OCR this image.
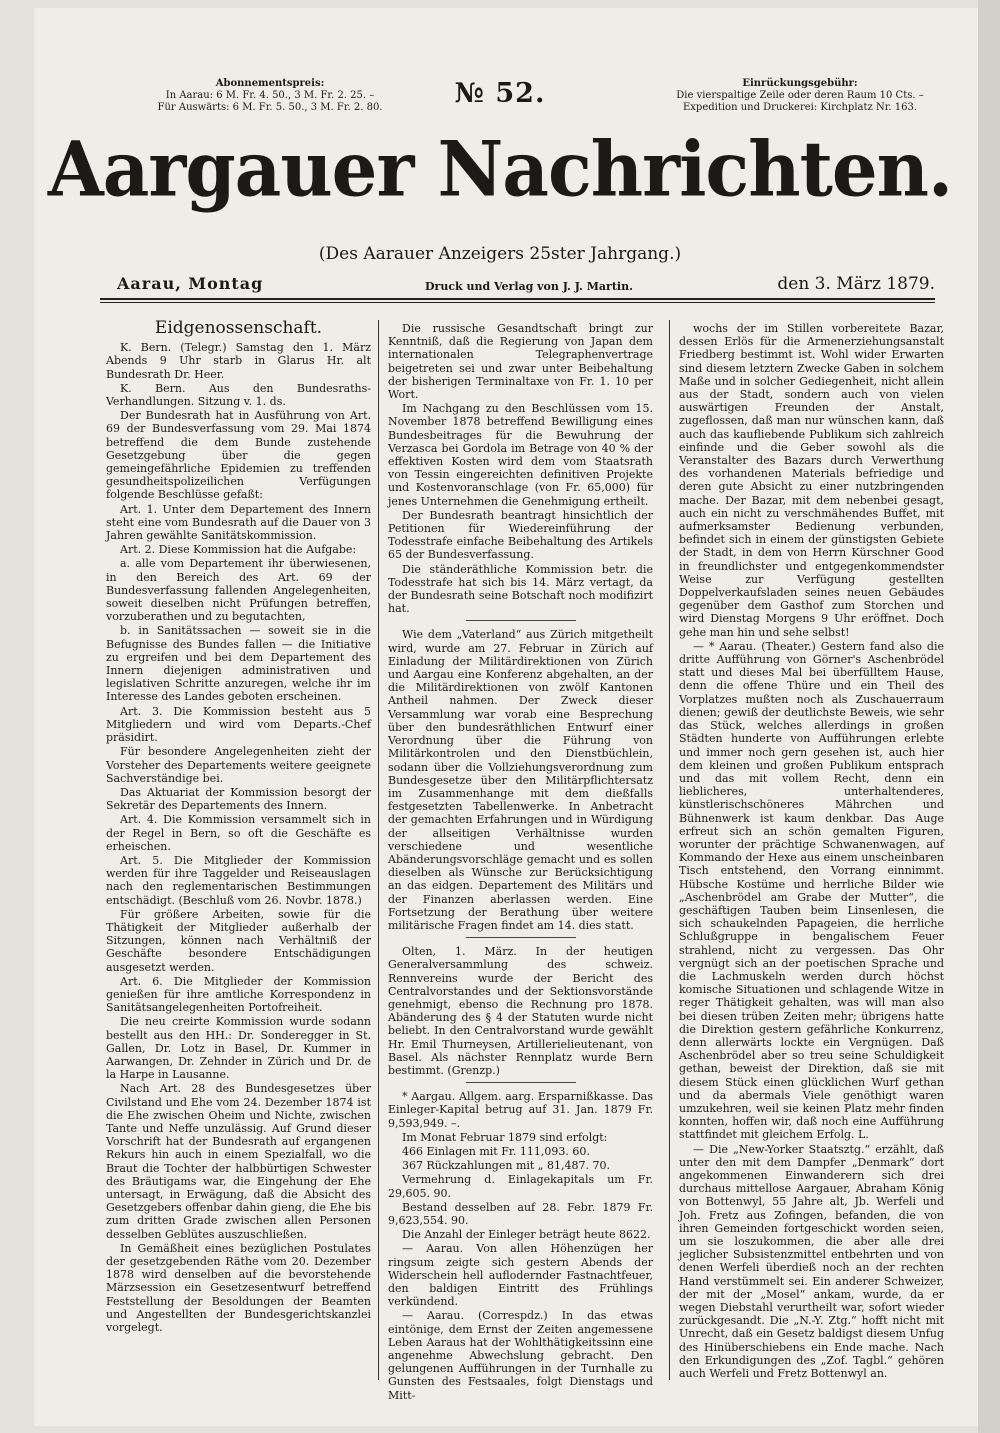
Abonnementspreis:
In Aarau: 6 M. Fr. 4. 50., 3 M. Fr. 2. 25. –
Für Auswärts: 6 M. Fr. 5. 50., 3 M. Fr. 2. 80.	№ 52.	Einrückungsgebühr:
Die vierspaltige Zeile oder deren Raum 10 Cts. –
Expedition und Druckerei: Kirchplatz Nr. 163.
Aargauer Nachrichten.
(Des Aarauer Anzeigers 25ster Jahrgang.)
Aarau, Montag	Druck und Verlag von J. J. Martin.	den 3. März 1879.
Eidgenossenschaft.

K. Bern. (Telegr.) Samstag den 1. März Abends 9 Uhr starb in Glarus Hr. alt Bundesrath Dr. Heer.

K. Bern. Aus den Bundesraths-Verhandlungen. Sitzung v. 1. ds.

Der Bundesrath hat in Ausführung von Art. 69 der Bundesverfassung vom 29. Mai 1874 betreffend die dem Bunde zustehende Gesetzgebung über die gegen gemeingefährliche Epidemien zu treffenden gesundheitspolizeilichen Verfügungen folgende Beschlüsse gefaßt:

Art. 1. Unter dem Departement des Innern steht eine vom Bundesrath auf die Dauer von 3 Jahren gewählte Sanitätskommission.

Art. 2. Diese Kommission hat die Aufgabe:

a. alle vom Departement ihr überwiesenen, in den Bereich des Art. 69 der Bundesverfassung fallenden Angelegenheiten, soweit dieselben nicht Prüfungen betreffen, vorzuberathen und zu begutachten,

b. in Sanitätssachen — soweit sie in die Befugnisse des Bundes fallen — die Initiative zu ergreifen und bei dem Departement des Innern diejenigen administrativen und legislativen Schritte anzuregen, welche ihr im Interesse des Landes geboten erscheinen.

Art. 3. Die Kommission besteht aus 5 Mitgliedern und wird vom Departs.-Chef präsidirt.

Für besondere Angelegenheiten zieht der Vorsteher des Departements weitere geeignete Sachverständige bei.

Das Aktuariat der Kommission besorgt der Sekretär des Departements des Innern.

Art. 4. Die Kommission versammelt sich in der Regel in Bern, so oft die Geschäfte es erheischen.

Art. 5. Die Mitglieder der Kommission werden für ihre Taggelder und Reiseauslagen nach den reglementarischen Bestimmungen entschädigt. (Beschluß vom 26. Novbr. 1878.)

Für größere Arbeiten, sowie für die Thätigkeit der Mitglieder außerhalb der Sitzungen, können nach Verhältniß der Geschäfte besondere Entschädigungen ausgesetzt werden.

Art. 6. Die Mitglieder der Kommission genießen für ihre amtliche Korrespondenz in Sanitätsangelegenheiten Portofreiheit.

Die neu creirte Kommission wurde sodann bestellt aus den HH.: Dr. Sonderegger in St. Gallen, Dr. Lotz in Basel, Dr. Kummer in Aarwangen, Dr. Zehnder in Zürich und Dr. de la Harpe in Lausanne.

Nach Art. 28 des Bundesgesetzes über Civilstand und Ehe vom 24. Dezember 1874 ist die Ehe zwischen Oheim und Nichte, zwischen Tante und Neffe unzulässig. Auf Grund dieser Vorschrift hat der Bundesrath auf ergangenen Rekurs hin auch in einem Spezialfall, wo die Braut die Tochter der halbbürtigen Schwester des Bräutigams war, die Eingehung der Ehe untersagt, in Erwägung, daß die Absicht des Gesetzgebers offenbar dahin gieng, die Ehe bis zum dritten Grade zwischen allen Personen desselben Geblütes auszuschließen.

In Gemäßheit eines bezüglichen Postulates der gesetzgebenden Räthe vom 20. Dezember 1878 wird denselben auf die bevorstehende Märzsession ein Gesetzesentwurf betreffend Feststellung der Besoldungen der Beamten und Angestellten der Bundesgerichtskanzlei vorgelegt.

Die russische Gesandtschaft bringt zur Kenntniß, daß die Regierung von Japan dem internationalen Telegraphenvertrage beigetreten sei und zwar unter Beibehaltung der bisherigen Terminaltaxe von Fr. 1. 10 per Wort.

Im Nachgang zu den Beschlüssen vom 15. November 1878 betreffend Bewilligung eines Bundesbeitrages für die Bewuhrung der Verzasca bei Gordola im Betrage von 40 % der effektiven Kosten wird dem vom Staatsrath von Tessin eingereichten definitiven Projekte und Kostenvoranschlage (von Fr. 65,000) für jenes Unternehmen die Genehmigung ertheilt.

Der Bundesrath beantragt hinsichtlich der Petitionen für Wiedereinführung der Todesstrafe einfache Beibehaltung des Artikels 65 der Bundesverfassung.

Die ständeräthliche Kommission betr. die Todesstrafe hat sich bis 14. März vertagt, da der Bundesrath seine Botschaft noch modifizirt hat.

Wie dem „Vaterland“ aus Zürich mitgetheilt wird, wurde am 27. Februar in Zürich auf Einladung der Militärdirektionen von Zürich und Aargau eine Konferenz abgehalten, an der die Militärdirektionen von zwölf Kantonen Antheil nahmen. Der Zweck dieser Versammlung war vorab eine Besprechung über den bundesräthlichen Entwurf einer Verordnung über die Führung von Militärkontrolen und den Dienstbüchlein, sodann über die Vollziehungsverordnung zum Bundesgesetze über den Militärpflichtersatz im Zusammenhange mit dem dießfalls festgesetzten Tabellenwerke. In Anbetracht der gemachten Erfahrungen und in Würdigung der allseitigen Verhältnisse wurden verschiedene und wesentliche Abänderungsvorschläge gemacht und es sollen dieselben als Wünsche zur Berücksichtigung an das eidgen. Departement des Militärs und der Finanzen aberlassen werden. Eine Fortsetzung der Berathung über weitere militärische Fragen findet am 14. dies statt.

Olten, 1. März. In der heutigen Generalversammlung des schweiz. Rennvereins wurde der Bericht des Centralvorstandes und der Sektionsvorstände genehmigt, ebenso die Rechnung pro 1878. Abänderung des § 4 der Statuten wurde nicht beliebt. In den Centralvorstand wurde gewählt Hr. Emil Thurneysen, Artillerielieutenant, von Basel. Als nächster Rennplatz wurde Bern bestimmt. (Grenzp.)

* Aargau. Allgem. aarg. Ersparnißkasse. Das Einleger-Kapital betrug auf 31. Jan. 1879 Fr. 9,593,949. –.

Im Monat Februar 1879 sind erfolgt:

466 Einlagen mit Fr. 111,093. 60.

367 Rückzahlungen mit „ 81,487. 70.

Vermehrung d. Einlagekapitals um Fr. 29,605. 90.

Bestand desselben auf 28. Febr. 1879 Fr. 9,623,554. 90.

Die Anzahl der Einleger beträgt heute 8622.

— Aarau. Von allen Höhenzügen her ringsum zeigte sich gestern Abends der Widerschein hell auflodernder Fastnachtfeuer, den baldigen Eintritt des Frühlings verkündend.

— Aarau. (Correspdz.) In das etwas eintönige, dem Ernst der Zeiten angemessene Leben Aaraus hat der Wohlthätigkeitssinn eine angenehme Abwechslung gebracht. Den gelungenen Aufführungen in der Turnhalle zu Gunsten des Festsaales, folgt Dienstags und Mitt-

wochs der im Stillen vorbereitete Bazar, dessen Erlös für die Armenerziehungsanstalt Friedberg bestimmt ist. Wohl wider Erwarten sind diesem letztern Zwecke Gaben in solchem Maße und in solcher Gediegenheit, nicht allein aus der Stadt, sondern auch von vielen auswärtigen Freunden der Anstalt, zugeflossen, daß man nur wünschen kann, daß auch das kaufliebende Publikum sich zahlreich einfinde und die Geber sowohl als die Veranstalter des Bazars durch Verwerthung des vorhandenen Materials befriedige und deren gute Absicht zu einer nutzbringenden mache. Der Bazar, mit dem nebenbei gesagt, auch ein nicht zu verschmähendes Buffet, mit aufmerksamster Bedienung verbunden, befindet sich in einem der günstigsten Gebiete der Stadt, in dem von Herrn Kürschner Good in freundlichster und entgegenkommendster Weise zur Verfügung gestellten Doppelverkaufsladen seines neuen Gebäudes gegenüber dem Gasthof zum Storchen und wird Dienstag Morgens 9 Uhr eröffnet. Doch gehe man hin und sehe selbst!

— * Aarau. (Theater.) Gestern fand also die dritte Aufführung von Görner's Aschenbrödel statt und dieses Mal bei überfülltem Hause, denn die offene Thüre und ein Theil des Vorplatzes mußten noch als Zuschauerraum dienen; gewiß der deutlichste Beweis, wie sehr das Stück, welches allerdings in großen Städten hunderte von Aufführungen erlebte und immer noch gern gesehen ist, auch hier dem kleinen und großen Publikum entsprach und das mit vollem Recht, denn ein lieblicheres, unterhaltenderes, künstlerischschöneres Mährchen und Bühnenwerk ist kaum denkbar. Das Auge erfreut sich an schön gemalten Figuren, worunter der prächtige Schwanenwagen, auf Kommando der Hexe aus einem unscheinbaren Tisch entstehend, den Vorrang einnimmt. Hübsche Kostüme und herrliche Bilder wie „Aschenbrödel am Grabe der Mutter“, die geschäftigen Tauben beim Linsenlesen, die sich schaukelnden Papageien, die herrliche Schlußgruppe in bengalischem Feuer strahlend, nicht zu vergessen. Das Ohr vergnügt sich an der poetischen Sprache und die Lachmuskeln werden durch höchst komische Situationen und schlagende Witze in reger Thätigkeit gehalten, was will man also bei diesen trüben Zeiten mehr; übrigens hatte die Direktion gestern gefährliche Konkurrenz, denn allerwärts lockte ein Vergnügen. Daß Aschenbrödel aber so treu seine Schuldigkeit gethan, beweist der Direktion, daß sie mit diesem Stück einen glücklichen Wurf gethan und da abermals Viele genöthigt waren umzukehren, weil sie keinen Platz mehr finden konnten, hoffen wir, daß noch eine Aufführung stattfindet mit gleichem Erfolg. L.

— Die „New-Yorker Staatsztg.“ erzählt, daß unter den mit dem Dampfer „Denmark“ dort angekommenen Einwanderern sich drei durchaus mittellose Aargauer, Abraham König von Bottenwyl, 55 Jahre alt, Jb. Werfeli und Joh. Fretz aus Zofingen, befanden, die von ihren Gemeinden fortgeschickt worden seien, um sie loszukommen, die aber alle drei jeglicher Subsistenzmittel entbehrten und von denen Werfeli überdieß noch an der rechten Hand verstümmelt sei. Ein anderer Schweizer, der mit der „Mosel“ ankam, wurde, da er wegen Diebstahl verurtheilt war, sofort wieder zurückgesandt. Die „N.-Y. Ztg.“ hofft nicht mit Unrecht, daß ein Gesetz baldigst diesem Unfug des Hinüberschiebens ein Ende mache. Nach den Erkundigungen des „Zof. Tagbl.“ gehören auch Werfeli und Fretz Bottenwyl an.
